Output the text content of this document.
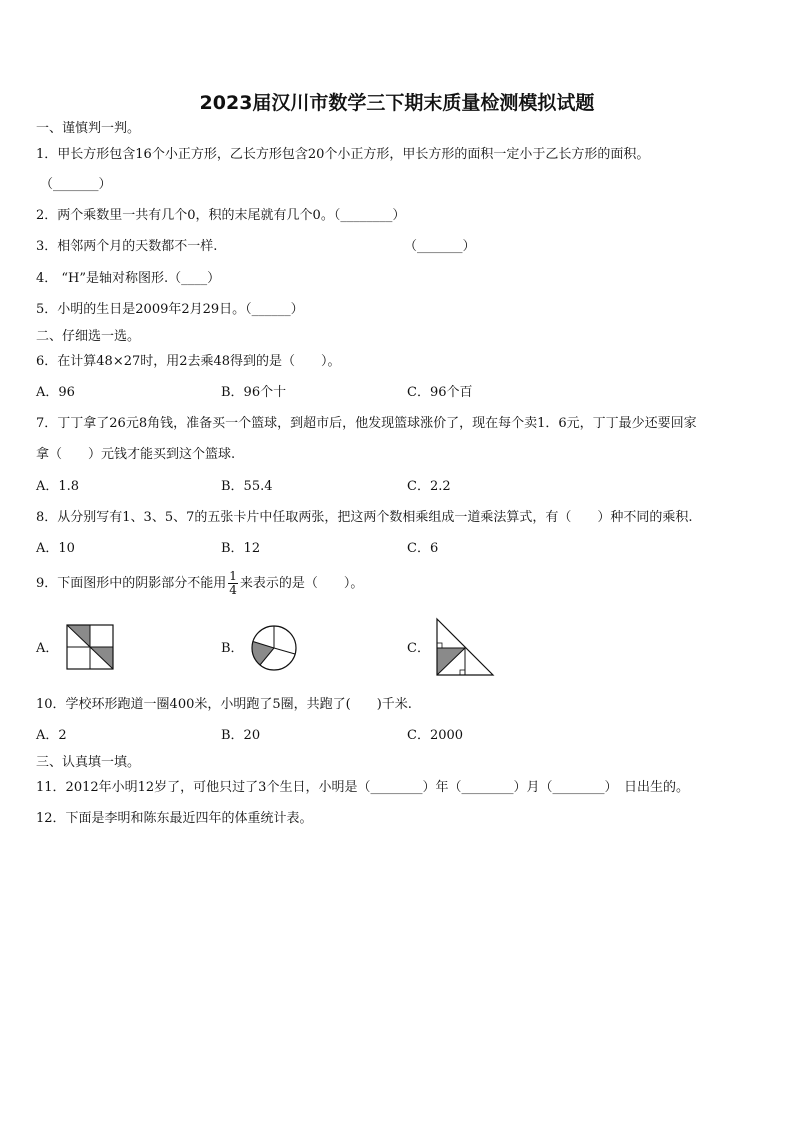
2023届汉川市数学三下期末质量检测模拟试题
一、谨慎判一判。
1．甲长方形包含16个小正方形，乙长方形包含20个小正方形，甲长方形的面积一定小于乙长方形的面积。
（_______）
2．两个乘数里一共有几个0，积的末尾就有几个0。（________）
3．相邻两个月的天数都不一样.	（_______）
4． “H”是轴对称图形.（____）
5．小明的生日是2009年2月29日。（______）
二、仔细选一选。
6．在计算48×27时，用2去乘48得到的是（　　）。
A．96	B．96个十	C．96个百
7．丁丁拿了26元8角钱，准备买一个篮球，到超市后，他发现篮球涨价了，现在每个卖1．6元，丁丁最少还要回家
拿（　　）元钱才能买到这个篮球.
A．1.8	B．55.4	C．2.2
8．从分别写有1、3、5、7的五张卡片中任取两张，把这两个数相乘组成一道乘法算式，有（　　）种不同的乘积.
A．10	B．12	C．6
9．下面图形中的阴影部分不能用 $\frac{1}{4}$ 来表示的是（　　）。
A．	B．	C．
10．学校环形跑道一圈400米，小明跑了5圈，共跑了(　　)千米.
A．2	B．20	C．2000
三、认真填一填。
11．2012年小明12岁了，可他只过了3个生日，小明是（________）年（________）月（________）　日出生的。
12．下面是李明和陈东最近四年的体重统计表。
